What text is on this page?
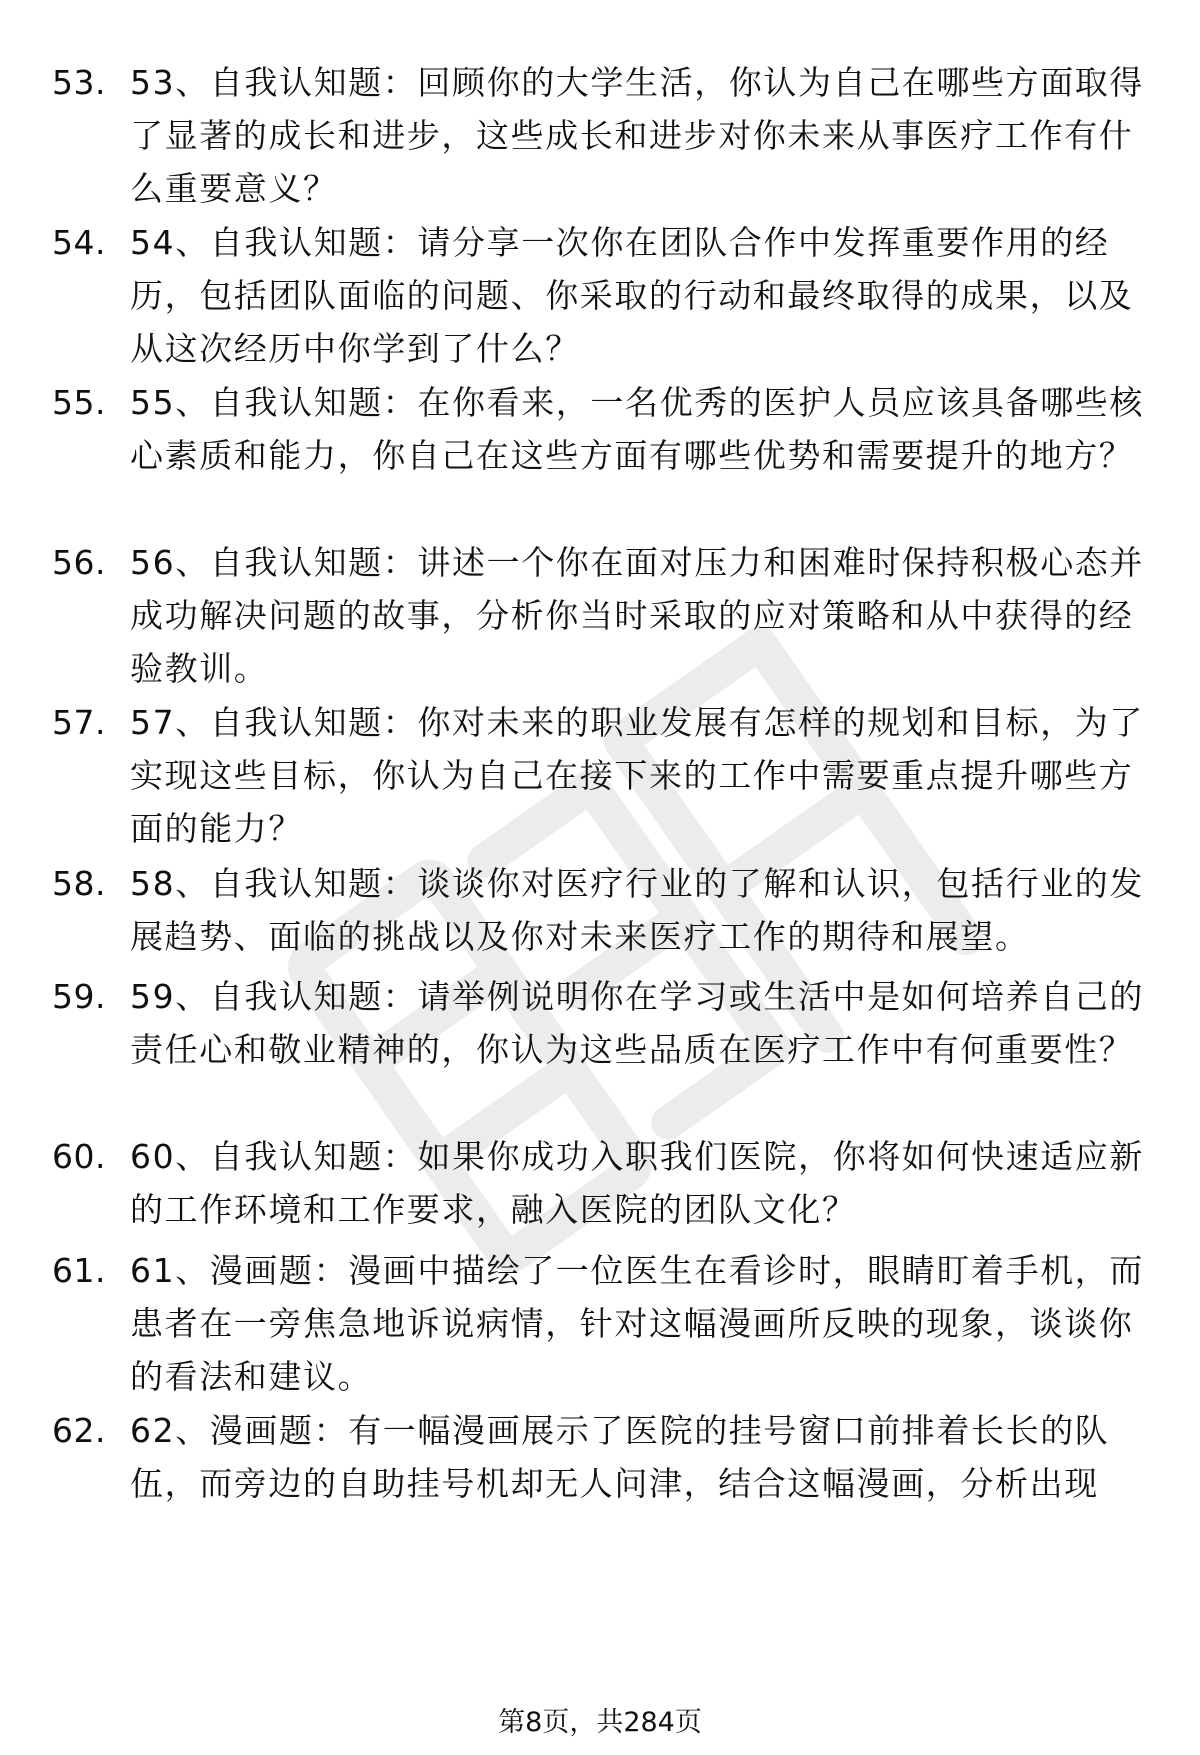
53. 53、自我认知题：回顾你的大学生活，你认为自己在哪些方面取得了显著的成长和进步，这些成长和进步对你未来从事医疗工作有什么重要意义？
54. 54、自我认知题：请分享一次你在团队合作中发挥重要作用的经历，包括团队面临的问题、你采取的行动和最终取得的成果，以及从这次经历中你学到了什么？
55. 55、自我认知题：在你看来，一名优秀的医护人员应该具备哪些核心素质和能力，你自己在这些方面有哪些优势和需要提升的地方？
56. 56、自我认知题：讲述一个你在面对压力和困难时保持积极心态并成功解决问题的故事，分析你当时采取的应对策略和从中获得的经验教训。
57. 57、自我认知题：你对未来的职业发展有怎样的规划和目标，为了实现这些目标，你认为自己在接下来的工作中需要重点提升哪些方面的能力？
58. 58、自我认知题：谈谈你对医疗行业的了解和认识，包括行业的发展趋势、面临的挑战以及你对未来医疗工作的期待和展望。
59. 59、自我认知题：请举例说明你在学习或生活中是如何培养自己的责任心和敬业精神的，你认为这些品质在医疗工作中有何重要性？
60. 60、自我认知题：如果你成功入职我们医院，你将如何快速适应新的工作环境和工作要求，融入医院的团队文化？
61. 61、漫画题：漫画中描绘了一位医生在看诊时，眼睛盯着手机，而患者在一旁焦急地诉说病情，针对这幅漫画所反映的现象，谈谈你的看法和建议。
62. 62、漫画题：有一幅漫画展示了医院的挂号窗口前排着长长的队伍，而旁边的自助挂号机却无人问津，结合这幅漫画，分析出现
第8页，共284页
